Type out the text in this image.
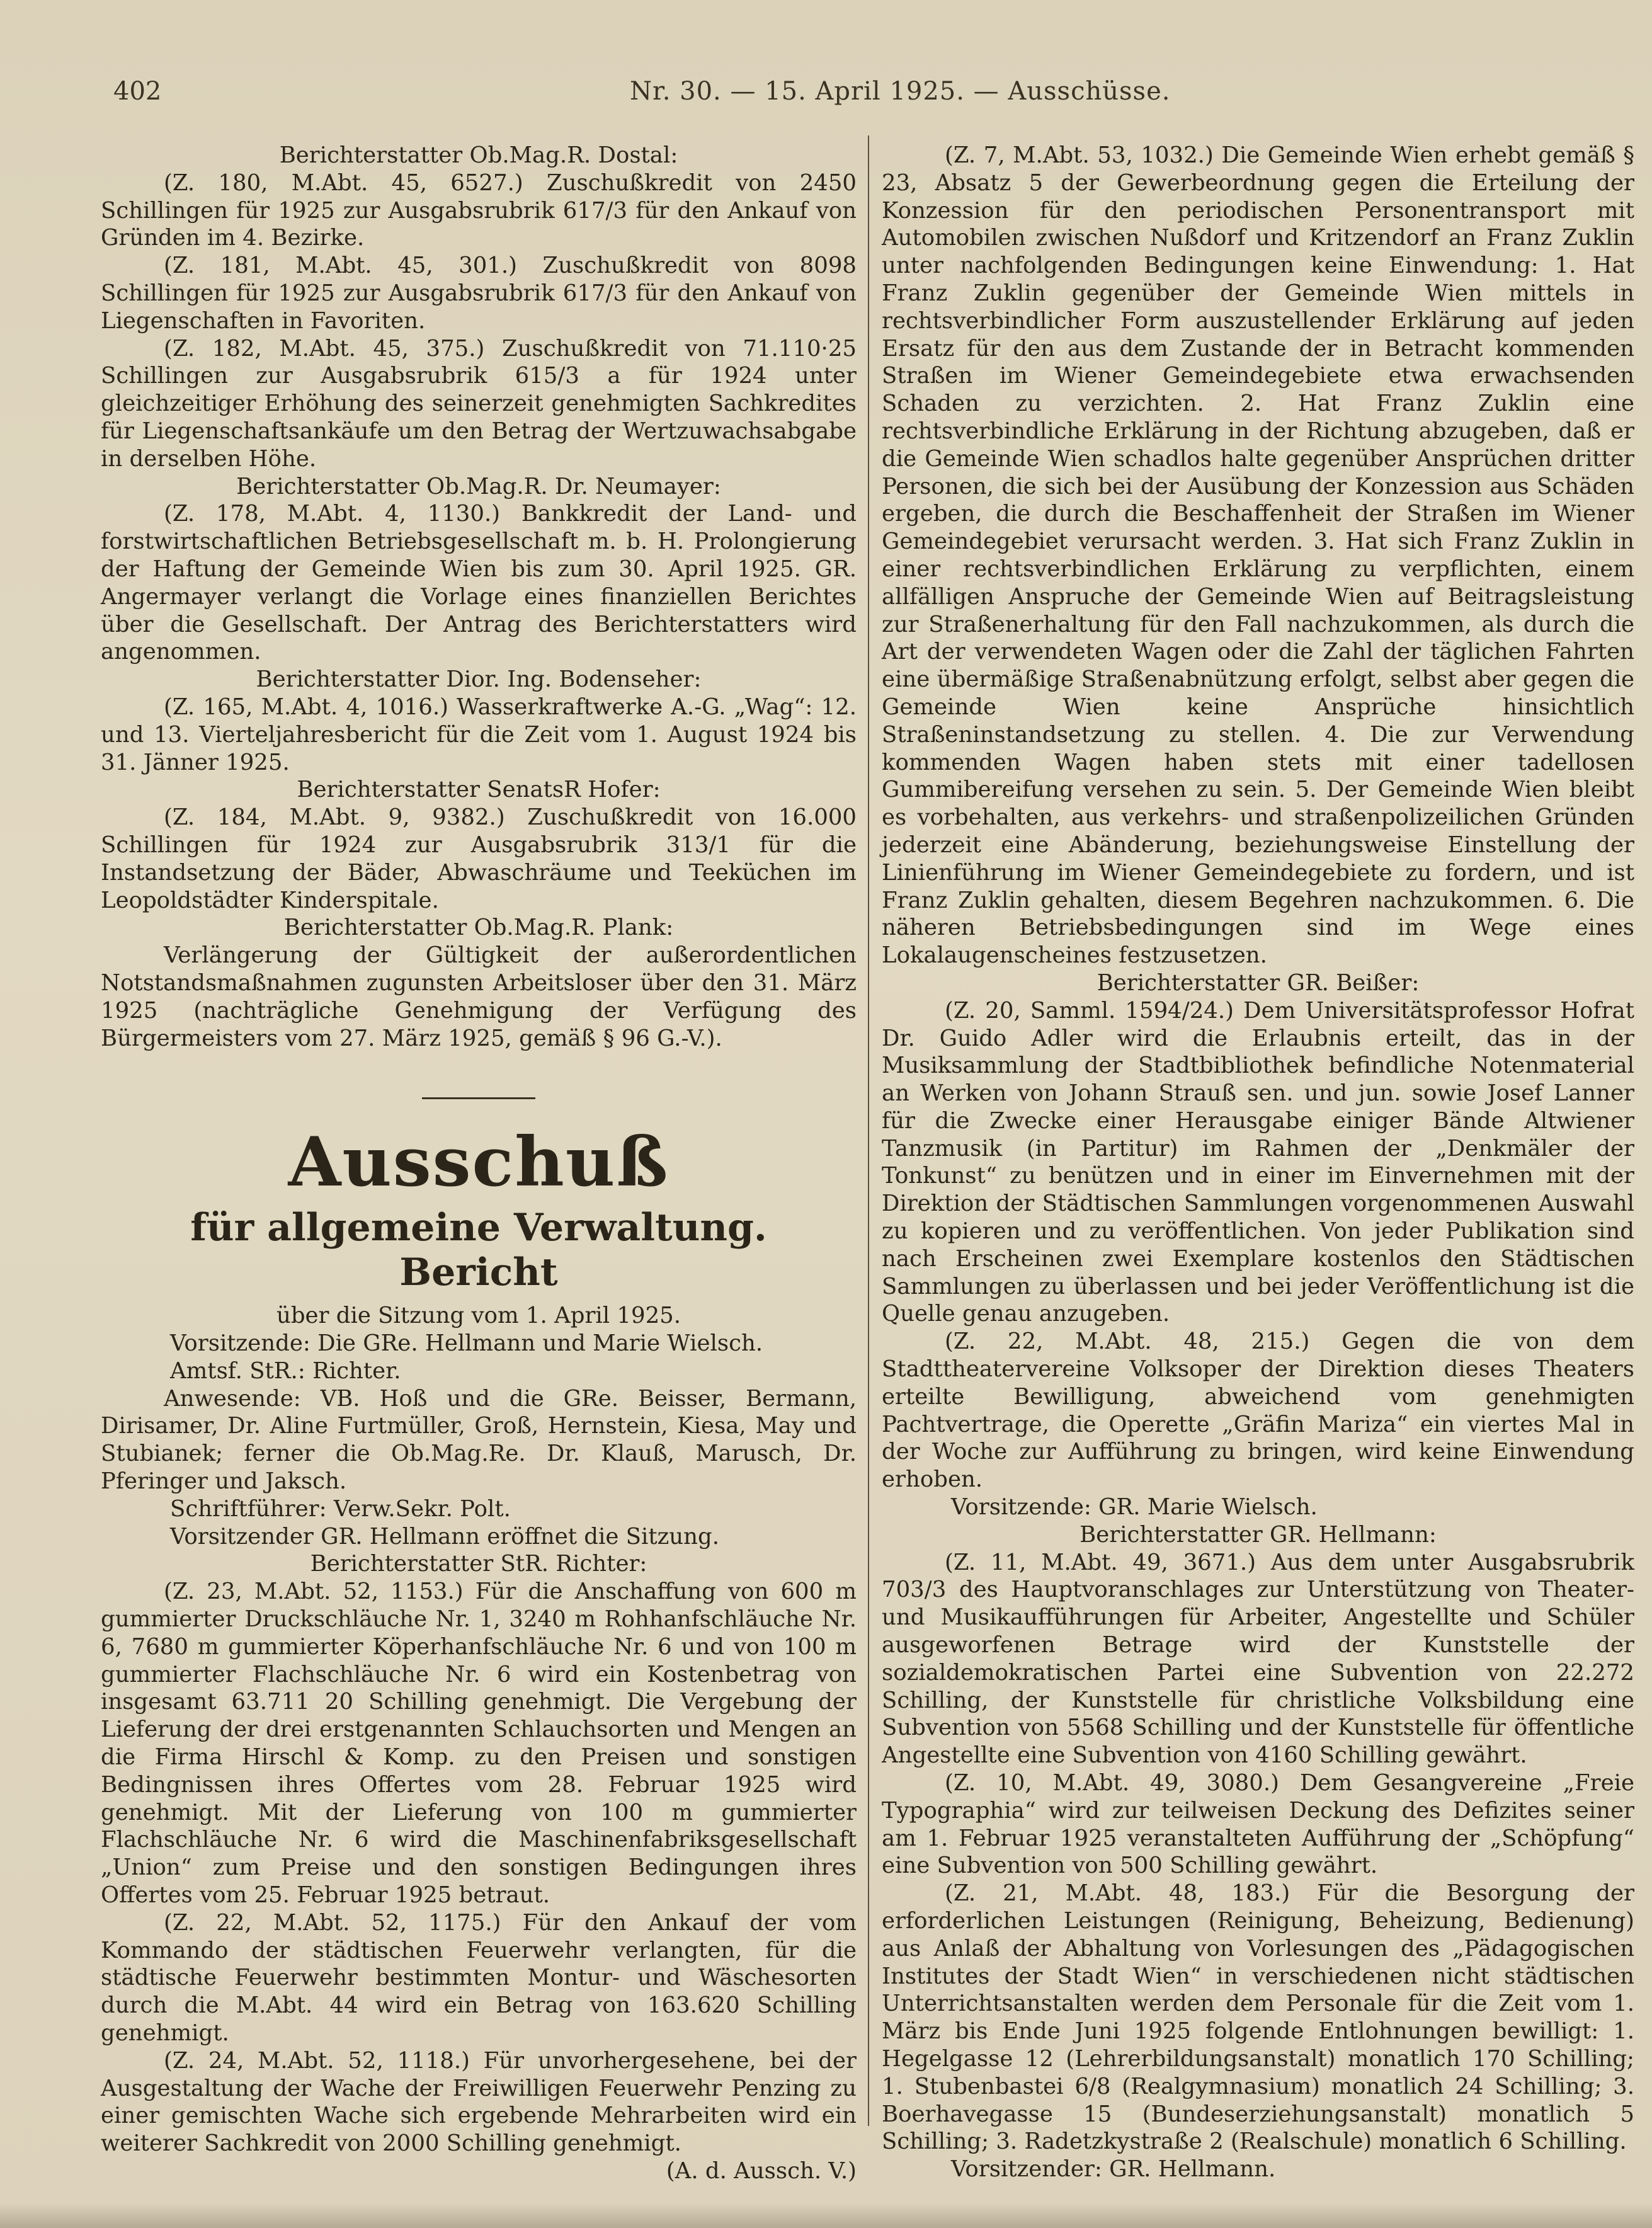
402	Nr. 30. — 15. April 1925. — Ausschüsse.
Berichterstatter Ob.Mag.R. Dostal:

(Z. 180, M.Abt. 45, 6527.) Zuschußkredit von 2450 Schillingen für 1925 zur Ausgabsrubrik 617/3 für den Ankauf von Gründen im 4. Bezirke.

(Z. 181, M.Abt. 45, 301.) Zuschußkredit von 8098 Schillingen für 1925 zur Ausgabsrubrik 617/3 für den Ankauf von Liegenschaften in Favoriten.

(Z. 182, M.Abt. 45, 375.) Zuschußkredit von 71.110·25 Schillingen zur Ausgabsrubrik 615/3 a für 1924 unter gleichzeitiger Erhöhung des seinerzeit genehmigten Sachkredites für Liegenschaftsankäufe um den Betrag der Wertzuwachsabgabe in derselben Höhe.

Berichterstatter Ob.Mag.R. Dr. Neumayer:

(Z. 178, M.Abt. 4, 1130.) Bankkredit der Land- und forstwirtschaftlichen Betriebsgesellschaft m. b. H. Prolongierung der Haftung der Gemeinde Wien bis zum 30. April 1925. GR. Angermayer verlangt die Vorlage eines finanziellen Berichtes über die Gesellschaft. Der Antrag des Berichterstatters wird angenommen.

Berichterstatter Dior. Ing. Bodenseher:

(Z. 165, M.Abt. 4, 1016.) Wasserkraftwerke A.-G. „Wag“: 12. und 13. Vierteljahresbericht für die Zeit vom 1. August 1924 bis 31. Jänner 1925.

Berichterstatter SenatsR Hofer:

(Z. 184, M.Abt. 9, 9382.) Zuschußkredit von 16.000 Schillingen für 1924 zur Ausgabsrubrik 313/1 für die Instandsetzung der Bäder, Abwaschräume und Teeküchen im Leopoldstädter Kinderspitale.

Berichterstatter Ob.Mag.R. Plank:

Verlängerung der Gültigkeit der außerordentlichen Notstandsmaßnahmen zugunsten Arbeitsloser über den 31. März 1925 (nachträgliche Genehmigung der Verfügung des Bürgermeisters vom 27. März 1925, gemäß § 96 G.-V.).

Ausschuß
für allgemeine Verwaltung.
Bericht
über die Sitzung vom 1. April 1925.
Vorsitzende: Die GRe. Hellmann und Marie Wielsch.
Amtsf. StR.: Richter.

Anwesende: VB. Hoß und die GRe. Beisser, Bermann, Dirisamer, Dr. Aline Furtmüller, Groß, Hernstein, Kiesa, May und Stubianek; ferner die Ob.Mag.Re. Dr. Klauß, Marusch, Dr. Pferinger und Jaksch.

Schriftführer: Verw.Sekr. Polt.
Vorsitzender GR. Hellmann eröffnet die Sitzung.
Berichterstatter StR. Richter:

(Z. 23, M.Abt. 52, 1153.) Für die Anschaffung von 600 m gummierter Druckschläuche Nr. 1, 3240 m Rohhanfschläuche Nr. 6, 7680 m gummierter Köperhanfschläuche Nr. 6 und von 100 m gummierter Flachschläuche Nr. 6 wird ein Kostenbetrag von insgesamt 63.711 20 Schilling genehmigt. Die Vergebung der Lieferung der drei erstgenannten Schlauchsorten und Mengen an die Firma Hirschl & Komp. zu den Preisen und sonstigen Bedingnissen ihres Offertes vom 28. Februar 1925 wird genehmigt. Mit der Lieferung von 100 m gummierter Flachschläuche Nr. 6 wird die Maschinenfabriksgesellschaft „Union“ zum Preise und den sonstigen Bedingungen ihres Offertes vom 25. Februar 1925 betraut.

(Z. 22, M.Abt. 52, 1175.) Für den Ankauf der vom Kommando der städtischen Feuerwehr verlangten, für die städtische Feuerwehr bestimmten Montur- und Wäschesorten durch die M.Abt. 44 wird ein Betrag von 163.620 Schilling genehmigt.

(Z. 24, M.Abt. 52, 1118.) Für unvorhergesehene, bei der Ausgestaltung der Wache der Freiwilligen Feuerwehr Penzing zu einer gemischten Wache sich ergebende Mehrarbeiten wird ein weiterer Sachkredit von 2000 Schilling genehmigt.
(A. d. Aussch. V.)

(Z. 7, M.Abt. 53, 1032.) Die Gemeinde Wien erhebt gemäß § 23, Absatz 5 der Gewerbeordnung gegen die Erteilung der Konzession für den periodischen Personentransport mit Automobilen zwischen Nußdorf und Kritzendorf an Franz Zuklin unter nachfolgenden Bedingungen keine Einwendung: 1. Hat Franz Zuklin gegenüber der Gemeinde Wien mittels in rechtsverbindlicher Form auszustellender Erklärung auf jeden Ersatz für den aus dem Zustande der in Betracht kommenden Straßen im Wiener Gemeindegebiete etwa erwachsenden Schaden zu verzichten. 2. Hat Franz Zuklin eine rechtsverbindliche Erklärung in der Richtung abzugeben, daß er die Gemeinde Wien schadlos halte gegenüber Ansprüchen dritter Personen, die sich bei der Ausübung der Konzession aus Schäden ergeben, die durch die Beschaffenheit der Straßen im Wiener Gemeindegebiet verursacht werden. 3. Hat sich Franz Zuklin in einer rechtsverbindlichen Erklärung zu verpflichten, einem allfälligen Anspruche der Gemeinde Wien auf Beitragsleistung zur Straßenerhaltung für den Fall nachzukommen, als durch die Art der verwendeten Wagen oder die Zahl der täglichen Fahrten eine übermäßige Straßenabnützung erfolgt, selbst aber gegen die Gemeinde Wien keine Ansprüche hinsichtlich Straßeninstandsetzung zu stellen. 4. Die zur Verwendung kommenden Wagen haben stets mit einer tadellosen Gummibereifung versehen zu sein. 5. Der Gemeinde Wien bleibt es vorbehalten, aus verkehrs- und straßenpolizeilichen Gründen jederzeit eine Abänderung, beziehungsweise Einstellung der Linienführung im Wiener Gemeindegebiete zu fordern, und ist Franz Zuklin gehalten, diesem Begehren nachzukommen. 6. Die näheren Betriebsbedingungen sind im Wege eines Lokalaugenscheines festzusetzen.

Berichterstatter GR. Beißer:

(Z. 20, Samml. 1594/24.) Dem Universitätsprofessor Hofrat Dr. Guido Adler wird die Erlaubnis erteilt, das in der Musiksammlung der Stadtbibliothek befindliche Notenmaterial an Werken von Johann Strauß sen. und jun. sowie Josef Lanner für die Zwecke einer Herausgabe einiger Bände Altwiener Tanzmusik (in Partitur) im Rahmen der „Denkmäler der Tonkunst“ zu benützen und in einer im Einvernehmen mit der Direktion der Städtischen Sammlungen vorgenommenen Auswahl zu kopieren und zu veröffentlichen. Von jeder Publikation sind nach Erscheinen zwei Exemplare kostenlos den Städtischen Sammlungen zu überlassen und bei jeder Veröffentlichung ist die Quelle genau anzugeben.

(Z. 22, M.Abt. 48, 215.) Gegen die von dem Stadttheatervereine Volksoper der Direktion dieses Theaters erteilte Bewilligung, abweichend vom genehmigten Pachtvertrage, die Operette „Gräfin Mariza“ ein viertes Mal in der Woche zur Aufführung zu bringen, wird keine Einwendung erhoben.

Vorsitzende: GR. Marie Wielsch.
Berichterstatter GR. Hellmann:

(Z. 11, M.Abt. 49, 3671.) Aus dem unter Ausgabsrubrik 703/3 des Hauptvoranschlages zur Unterstützung von Theater- und Musikaufführungen für Arbeiter, Angestellte und Schüler ausgeworfenen Betrage wird der Kunststelle der sozialdemokratischen Partei eine Subvention von 22.272 Schilling, der Kunststelle für christliche Volksbildung eine Subvention von 5568 Schilling und der Kunststelle für öffentliche Angestellte eine Subvention von 4160 Schilling gewährt.

(Z. 10, M.Abt. 49, 3080.) Dem Gesangvereine „Freie Typographia“ wird zur teilweisen Deckung des Defizites seiner am 1. Februar 1925 veranstalteten Aufführung der „Schöpfung“ eine Subvention von 500 Schilling gewährt.

(Z. 21, M.Abt. 48, 183.) Für die Besorgung der erforderlichen Leistungen (Reinigung, Beheizung, Bedienung) aus Anlaß der Abhaltung von Vorlesungen des „Pädagogischen Institutes der Stadt Wien“ in verschiedenen nicht städtischen Unterrichtsanstalten werden dem Personale für die Zeit vom 1. März bis Ende Juni 1925 folgende Entlohnungen bewilligt: 1. Hegelgasse 12 (Lehrerbildungsanstalt) monatlich 170 Schilling; 1. Stubenbastei 6/8 (Realgymnasium) monatlich 24 Schilling; 3. Boerhavegasse 15 (Bundeserziehungsanstalt) monatlich 5 Schilling; 3. Radetzkystraße 2 (Realschule) monatlich 6 Schilling.

Vorsitzender: GR. Hellmann.
